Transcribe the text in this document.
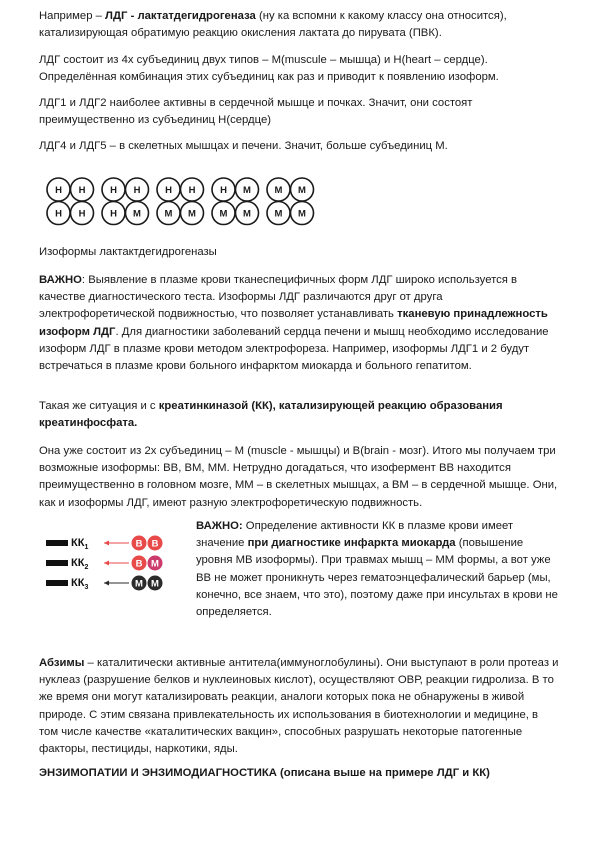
Например – ЛДГ - лактатдегидрогеназа (ну ка вспомни к какому классу она относится), катализирующая обратимую реакцию окисления лактата до пирувата (ПВК).

ЛДГ состоит из 4х субъединиц двух типов – М(muscule – мышца) и Н(heart – сердце). Определённая комбинация этих субъединиц как раз и приводит к появлению изоформ.

ЛДГ1 и ЛДГ2 наиболее активны в сердечной мышце и почках. Значит, они состоят преимущественно из субъединиц Н(сердце)

ЛДГ4 и ЛДГ5 – в скелетных мышцах и печени. Значит, больше субъединиц М.

Н Н
Н Н
Н Н
Н М
Н Н
М М
Н М
М М
М М
М М

Изоформы лактактдегидрогеназы

ВАЖНО: Выявление в плазме крови тканеспецифичных форм ЛДГ широко используется в качестве диагностического теста. Изоформы ЛДГ различаются друг от друга электрофоретической подвижностью, что позволяет устанавливать тканевую принадлежность изоформ ЛДГ. Для диагностики заболеваний сердца печени и мышц необходимо исследование изоформ ЛДГ в плазме крови методом электрофореза. Например, изоформы ЛДГ1 и 2 будут встречаться в плазме крови больного инфарктом миокарда и больного гепатитом.

Такая же ситуация и с креатинкиназой (КК), катализирующей реакцию образования креатинфосфата.

Она уже состоит из 2х субъединиц – М (muscle - мышцы) и В(brain - мозг). Итого мы получаем три возможные изоформы: ВВ, ВМ, ММ. Нетрудно догадаться, что изофермент ВВ находится преимущественно в головном мозге, ММ – в скелетных мышцах, а ВМ – в сердечной мышце. Они, как и изоформы ЛДГ, имеют разную электрофоретическую подвижность.

$КК_1$	B B
$КК_2$	B M
$КК_3$	M M

ВАЖНО: Определение активности КК в плазме крови имеет значение при диагностике инфаркта миокарда (повышение уровня МВ изоформы). При травмах мышц – ММ формы, а вот уже ВВ не может проникнуть через гематоэнцефалический барьер (мы, конечно, все знаем, что это), поэтому даже при инсультах в крови не определяется.

Абзимы – каталитически активные антитела(иммуноглобулины). Они выступают в роли протеаз и нуклеаз (разрушение белков и нуклеиновых кислот), осуществляют ОВР, реакции гидролиза. В то же время они могут катализировать реакции, аналоги которых пока не обнаружены в живой природе. С этим связана привлекательность их использования в биотехнологии и медицине, в том числе качестве «каталитических вакцин», способных разрушать некоторые патогенные факторы, пестициды, наркотики, яды.

ЭНЗИМОПАТИИ И ЭНЗИМОДИАГНОСТИКА (описана выше на примере ЛДГ и КК)
